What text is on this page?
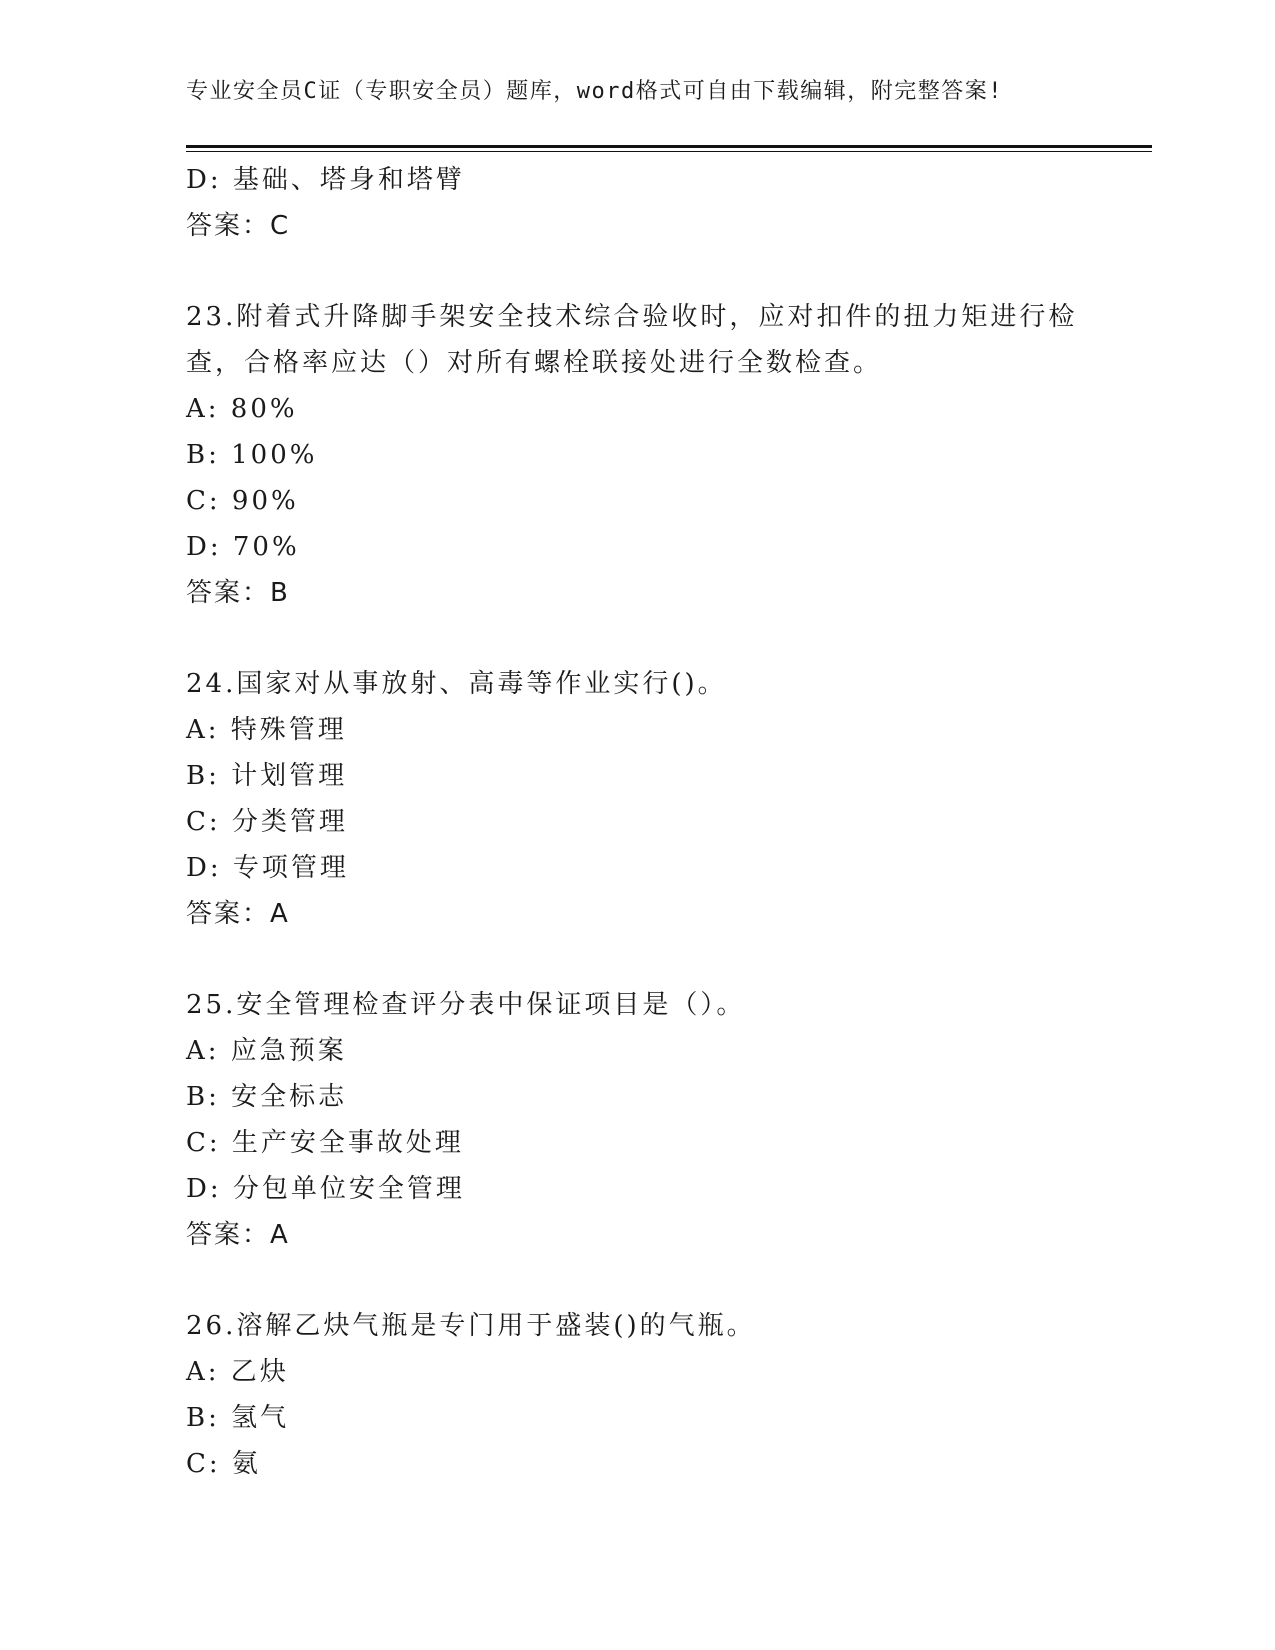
专业安全员C证（专职安全员）题库，word格式可自由下载编辑，附完整答案!
D: 基础、塔身和塔臂
答案：C
23.附着式升降脚手架安全技术综合验收时，应对扣件的扭力矩进行检
查，合格率应达（）对所有螺栓联接处进行全数检查。
A: 80%
B: 100%
C: 90%
D: 70%
答案：B
24.国家对从事放射、高毒等作业实行()。
A: 特殊管理
B: 计划管理
C: 分类管理
D: 专项管理
答案：A
25.安全管理检查评分表中保证项目是（）。
A: 应急预案
B: 安全标志
C: 生产安全事故处理
D: 分包单位安全管理
答案：A
26.溶解乙炔气瓶是专门用于盛装()的气瓶。
A: 乙炔
B: 氢气
C: 氨
